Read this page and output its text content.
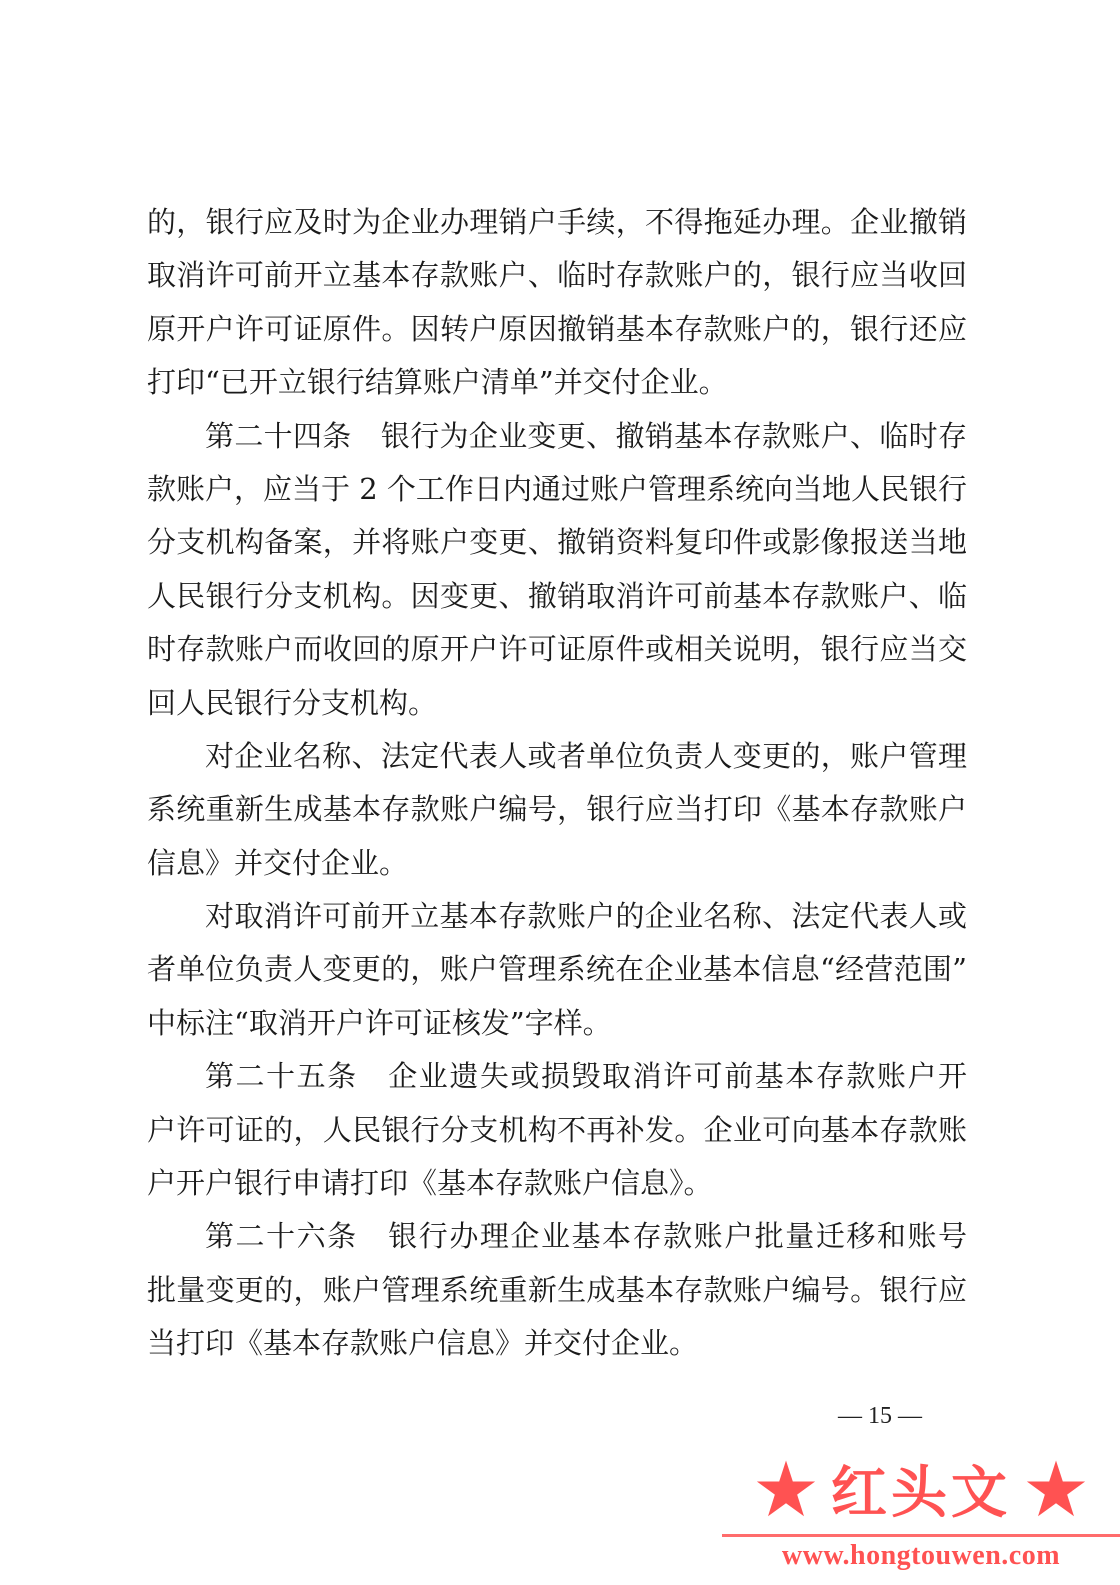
的，银行应及时为企业办理销户手续，不得拖延办理。企业撤销
取消许可前开立基本存款账户、临时存款账户的，银行应当收回
原开户许可证原件。因转户原因撤销基本存款账户的，银行还应
打印“已开立银行结算账户清单”并交付企业。
第二十四条　银行为企业变更、撤销基本存款账户、临时存
款账户，应当于 2 个工作日内通过账户管理系统向当地人民银行
分支机构备案，并将账户变更、撤销资料复印件或影像报送当地
人民银行分支机构。因变更、撤销取消许可前基本存款账户、临
时存款账户而收回的原开户许可证原件或相关说明，银行应当交
回人民银行分支机构。
对企业名称、法定代表人或者单位负责人变更的，账户管理
系统重新生成基本存款账户编号，银行应当打印《基本存款账户
信息》并交付企业。
对取消许可前开立基本存款账户的企业名称、法定代表人或
者单位负责人变更的，账户管理系统在企业基本信息“经营范围”
中标注“取消开户许可证核发”字样。
第二十五条　企业遗失或损毁取消许可前基本存款账户开
户许可证的，人民银行分支机构不再补发。企业可向基本存款账
户开户银行申请打印《基本存款账户信息》。
第二十六条　银行办理企业基本存款账户批量迁移和账号
批量变更的，账户管理系统重新生成基本存款账户编号。银行应
当打印《基本存款账户信息》并交付企业。
— 15 —
红头文
www.hongtouwen.com
